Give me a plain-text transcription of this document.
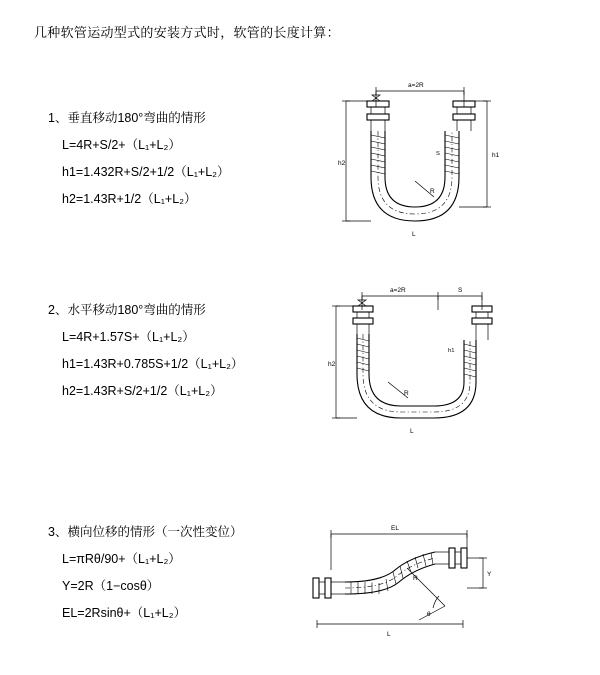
几种软管运动型式的安装方式时，软管的长度计算：
1、垂直移动180°弯曲的情形
L=4R+S/2+（L₁+L₂）
h1=1.432R+S/2+1/2（L₁+L₂）
h2=1.43R+1/2（L₁+L₂）
a=2R
R
h2
h1
S
L
2、水平移动180°弯曲的情形
L=4R+1.57S+（L₁+L₂）
h1=1.43R+0.785S+1/2（L₁+L₂）
h2=1.43R+S/2+1/2（L₁+L₂）
a=2R	S
R
h2
h1
L
3、横向位移的情形（一次性变位）
L=πRθ/90+（L₁+L₂）
Y=2R（1−cosθ）
EL=2Rsinθ+（L₁+L₂）
EL
θ
R
Y
L
